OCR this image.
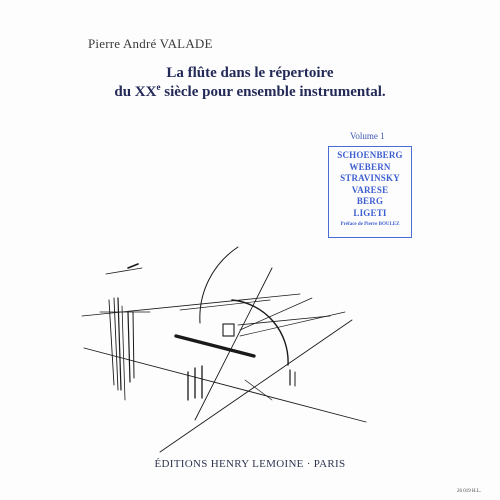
Pierre André VALADE
La flûte dans le répertoire
du XXe siècle pour ensemble instrumental.
Volume 1
SCHOENBERG
WEBERN
STRAVINSKY
VARESE
BERG
LIGETI
Préface de Pierre BOULEZ
ÉDITIONS HENRY LEMOINE · PARIS
26 019 H.L.
